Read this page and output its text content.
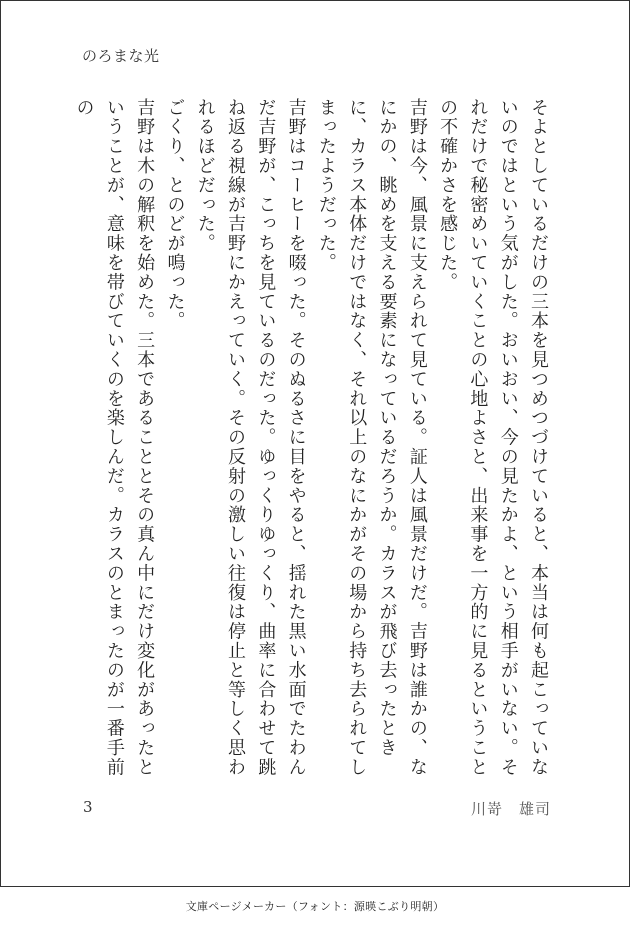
のろまな光

そよとしているだけの三本を見つめつづけていると、本当は何も起こっていないのではという気がした。おいおい、今の見たかよ、という相手がいない。それだけで秘密めいていくことの心地よさと、出来事を一方的に見るということの不確かさを感じた。

吉野は今、風景に支えられて見ている。証人は風景だけだ。吉野は誰かの、なにかの、眺めを支える要素になっているだろうか。カラスが飛び去ったときに、カラス本体だけではなく、それ以上のなにかがその場から持ち去られてしまったようだった。

吉野はコーヒーを啜った。そのぬるさに目をやると、揺れた黒い水面でたわんだ吉野が、こっちを見ているのだった。ゆっくりゆっくり、曲率に合わせて跳ね返る視線が吉野にかえっていく。その反射の激しい往復は停止と等しく思われるほどだった。

ごくり、とのどが鳴った。

吉野は木の解釈を始めた。三本であることとその真ん中にだけ変化があったということが、意味を帯びていくのを楽しんだ。カラスのとまったのが一番手前の

3	川嵜　雄司
文庫ページメーカー（フォント：源暎こぶり明朝）
